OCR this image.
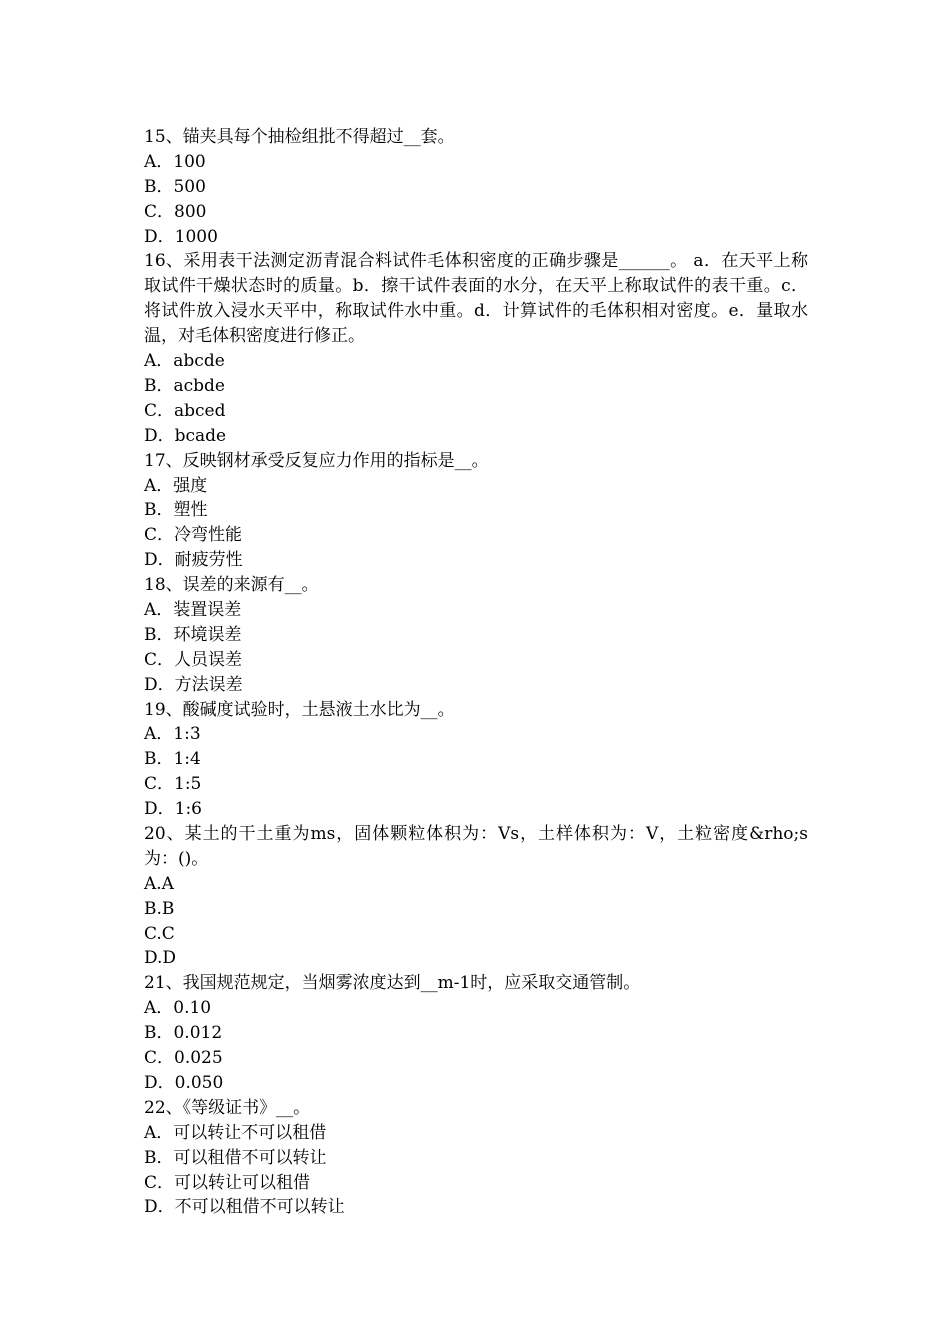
15、锚夹具每个抽检组批不得超过__套。
A．100
B．500
C．800
D．1000
16、采用表干法测定沥青混合料试件毛体积密度的正确步骤是______。 a．在天平上称取试件干燥状态时的质量。b．擦干试件表面的水分，在天平上称取试件的表干重。c．将试件放入浸水天平中，称取试件水中重。d．计算试件的毛体积相对密度。e．量取水温，对毛体积密度进行修正。
A．abcde
B．acbde
C．abced
D．bcade
17、反映钢材承受反复应力作用的指标是__。
A．强度
B．塑性
C．冷弯性能
D．耐疲劳性
18、误差的来源有__。
A．装置误差
B．环境误差
C．人员误差
D．方法误差
19、酸碱度试验时，土悬液土水比为__。
A．1:3
B．1:4
C．1:5
D．1:6
20、某土的干土重为ms，固体颗粒体积为：Vs，土样体积为：V，土粒密度&rho;s为：()。
A.A
B.B
C.C
D.D
21、我国规范规定，当烟雾浓度达到__m-1时，应采取交通管制。
A．0.10
B．0.012
C．0.025
D．0.050
22、《等级证书》__。
A．可以转让不可以租借
B．可以租借不可以转让
C．可以转让可以租借
D．不可以租借不可以转让
